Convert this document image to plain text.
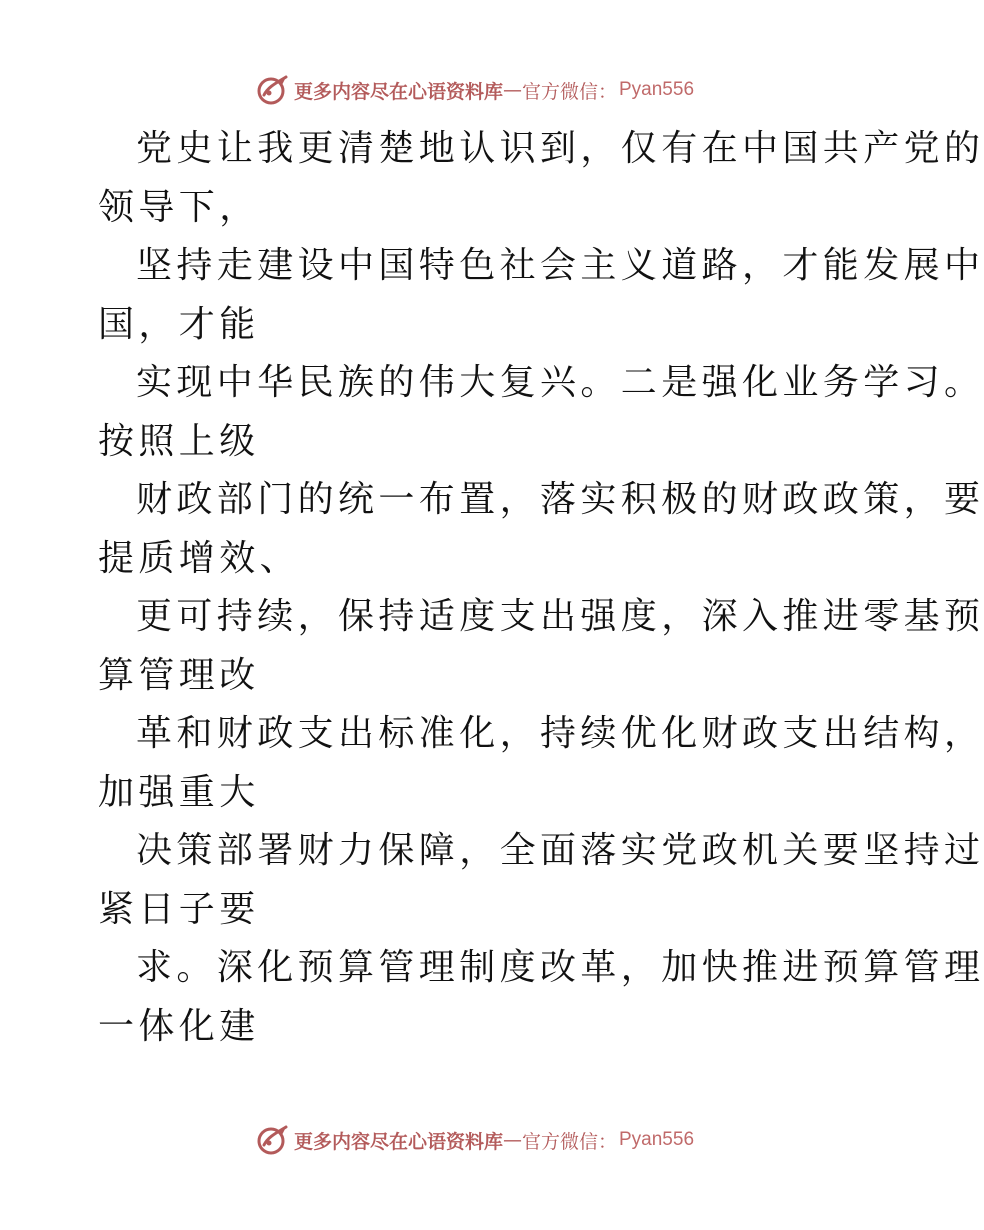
更多内容尽在心语资料库 — 官方微信： Pyan556
党史让我更清楚地认识到，仅有在中国共产党的
领导下，
坚持走建设中国特色社会主义道路，才能发展中
国，才能
实现中华民族的伟大复兴。二是强化业务学习。
按照上级
财政部门的统一布置，落实积极的财政政策，要
提质增效、
更可持续，保持适度支出强度，深入推进零基预
算管理改
革和财政支出标准化，持续优化财政支出结构，
加强重大
决策部署财力保障，全面落实党政机关要坚持过
紧日子要
求。深化预算管理制度改革，加快推进预算管理
一体化建
更多内容尽在心语资料库 — 官方微信： Pyan556
